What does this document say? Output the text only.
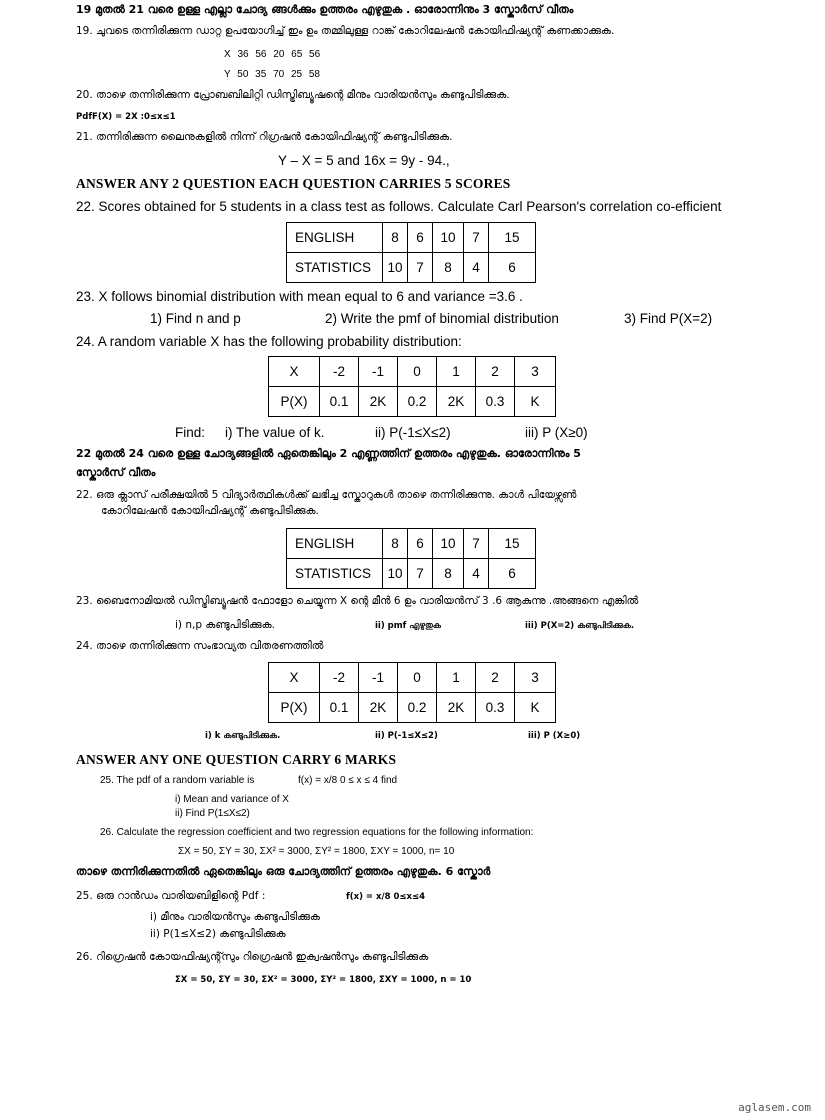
19 മുതൽ 21 വരെ ഉള്ള എല്ലാ ചോദ്യ ങ്ങൾക്കും ഉത്തരം എഴുതുക . ഓരോന്നിനും 3 സ്കോർസ് വീതം
19. ചുവടെ തന്നിരിക്കുന്ന ഡാറ്റ ഉപയോഗിച്ച് ഇം ഉം തമ്മിലുള്ള റാങ്ക് കോറിലേഷൻ കോയിഫിഷ്യന്റ് കണക്കാക്കുക.
X 36 56 20 65 56
Y 50 35 70 25 58
20. താഴെ തന്നിരിക്കുന്ന പ്രോബബിലിറ്റി ഡിസ്ട്രിബ്യൂഷന്റെ മീനും വാരിയൻസും കണ്ടുപിടിക്കുക.
PdfF(X) = 2X :0≤x≤1
21. തന്നിരിക്കുന്ന ലൈനുകളിൽ നിന്ന് റിഗ്രഷൻ കോയിഫിഷ്യന്റ് കണ്ടുപിടിക്കുക.
Y – X = 5 and 16x = 9y - 94.,
ANSWER ANY 2 QUESTION EACH QUESTION CARRIES 5 SCORES
22. Scores obtained for 5 students in a class test as follows. Calculate Carl Pearson's correlation co-efficient
ENGLISH	8	6	10	7	15
STATISTICS	10	7	8	4	6
23. X follows binomial distribution with mean equal to 6 and variance =3.6 .
1) Find n and p	2) Write the pmf of binomial distribution	3) Find P(X=2)
24. A random variable X has the following probability distribution:
X	-2	-1	0	1	2	3
P(X)	0.1	2K	0.2	2K	0.3	K
Find: i) The value of k.	ii) P(-1≤X≤2)	iii) P (X≥0)
22 മുതൽ 24 വരെ ഉള്ള ചോദ്യങ്ങളിൽ ഏതെങ്കിലും 2 എണ്ണത്തിന് ഉത്തരം എഴുതുക. ഓരോന്നിനും 5
സ്കോർസ് വീതം
22. ഒരു ക്ലാസ് പരീക്ഷയിൽ 5 വിദ്യാർത്ഥികൾക്ക് ലഭിച്ച സ്കോറുകൾ താഴെ തന്നിരിക്കുന്നു. കാൾ പിയേഴ്സൺ
കോറിലേഷൻ കോയിഫിഷ്യന്റ് കണ്ടുപിടിക്കുക.
ENGLISH	8	6	10	7	15
STATISTICS	10	7	8	4	6
23. ബൈനോമിയൽ ഡിസ്ട്രിബ്യൂഷൻ ഫോളോ ചെയ്യുന്ന X ന്റെ മീൻ 6 ഉം വാരിയൻസ് 3 .6 ആകുന്നു .അങ്ങനെ എങ്കിൽ
i) n,p കണ്ടുപിടിക്കുക.	ii) pmf എഴുതുക	iii) P(X=2) കണ്ടുപിടിക്കുക.
24. താഴെ തന്നിരിക്കുന്ന സംഭാവ്യത വിതരണത്തിൽ
X	-2	-1	0	1	2	3
P(X)	0.1	2K	0.2	2K	0.3	K
i) k കണ്ടുപിടിക്കുക.	ii) P(-1≤X≤2)	iii) P (X≥0)
ANSWER ANY ONE QUESTION CARRY 6 MARKS
25. The pdf of a random variable is	f(x) = x/8 0 ≤ x ≤ 4 find
i) Mean and variance of X
ii) Find P(1≤X≤2)
26. Calculate the regression coefficient and two regression equations for the following information:
ΣX = 50, ΣY = 30, ΣX² = 3000, ΣY² = 1800, ΣXY = 1000, n= 10
താഴെ തന്നിരിക്കുന്നതിൽ ഏതെങ്കിലും ഒരു ചോദ്യത്തിന് ഉത്തരം എഴുതുക. 6 സ്കോർ
25. ഒരു റാൻഡം വാരിയബിളിന്റെ Pdf :	f(x) = x/8 0≤x≤4
i) മീനും വാരിയൻസും കണ്ടുപിടിക്കുക
ii) P(1≤X≤2) കണ്ടുപിടിക്കുക
26. റിഗ്രെഷൻ കോയഫിഷ്യന്റ്സും റിഗ്രെഷൻ ഇക്വഷൻസും കണ്ടുപിടിക്കുക
ΣX = 50, ΣY = 30, ΣX² = 3000, ΣY² = 1800, ΣXY = 1000, n = 10
aglasem.com
